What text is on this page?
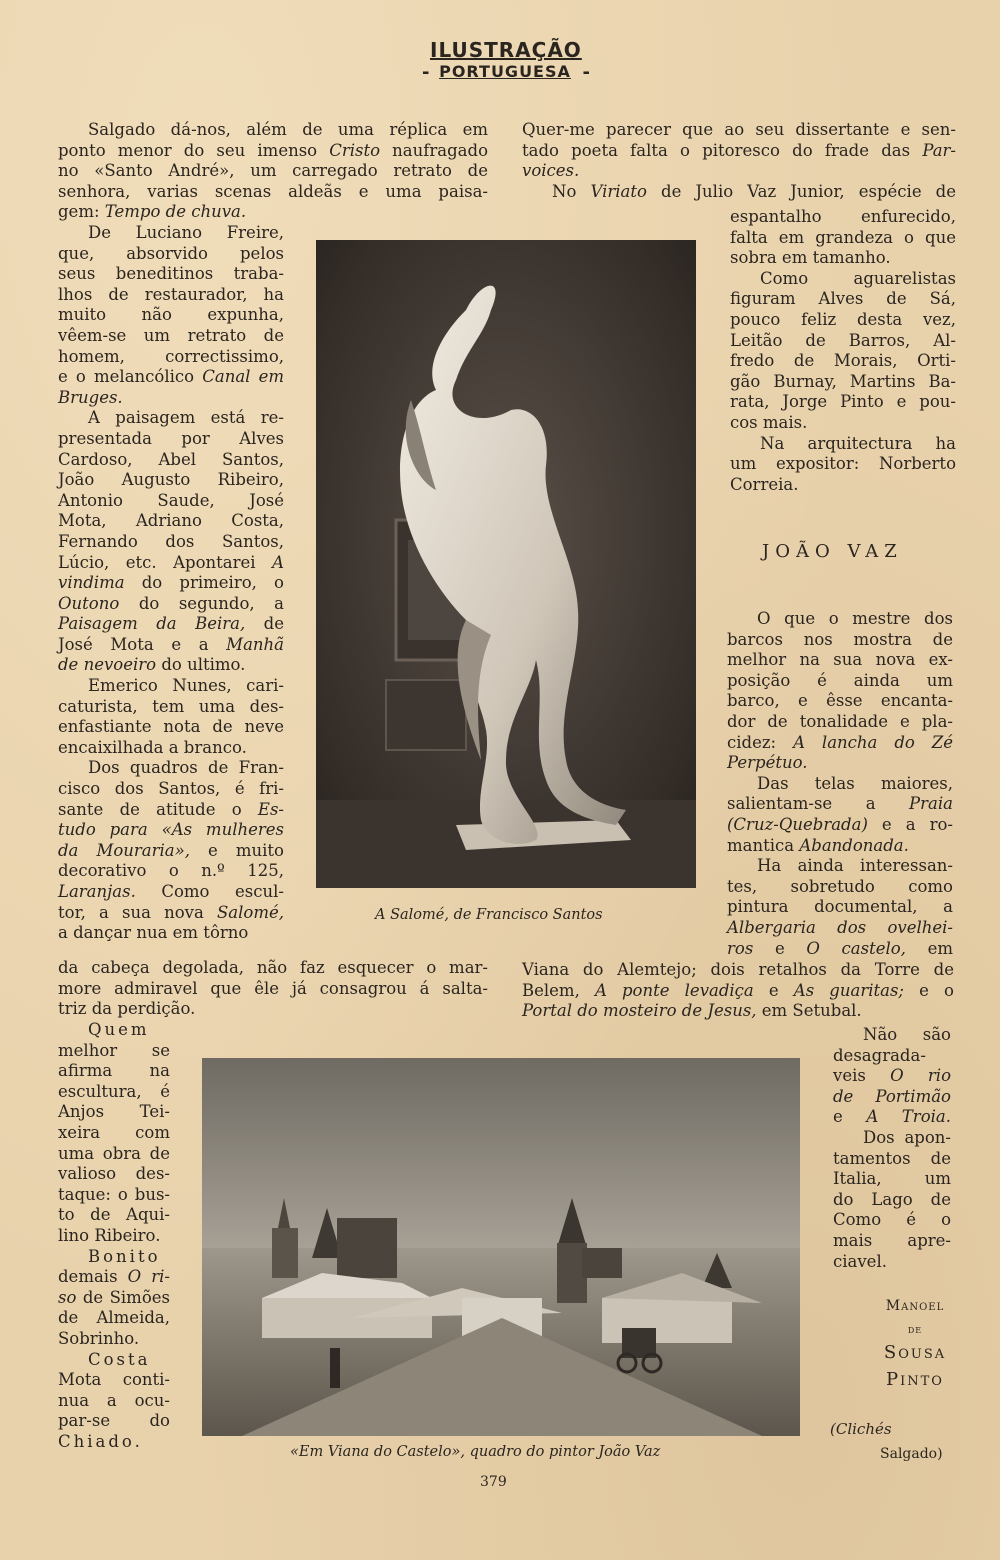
-
ILUSTRAÇÃO
PORTUGUESA -

Salgado dá-nos, além de uma réplica em

ponto menor do seu imenso Cristo naufragado

no «Santo André», um carregado retrato de

senhora, varias scenas aldeãs e uma paisa-

gem: Tempo de chuva.

De Luciano Freire,

que, absorvido pelos

seus beneditinos traba-

lhos de restaurador, ha

muito não expunha,

vêem-se um retrato de

homem, correctissimo,

e o melancólico Canal em

Bruges.

A paisagem está re-

presentada por Alves

Cardoso, Abel Santos,

João Augusto Ribeiro,

Antonio Saude, José

Mota, Adriano Costa,

Fernando dos Santos,

Lúcio, etc. Apontarei A

vindima do primeiro, o

Outono do segundo, a

Paisagem da Beira, de

José Mota e a Manhã

de nevoeiro do ultimo.

Emerico Nunes, cari-

caturista, tem uma des-

enfastiante nota de neve

encaixilhada a branco.

Dos quadros de Fran-

cisco dos Santos, é fri-

sante de atitude o Es-

tudo para «As mulheres

da Mouraria», e muito

decorativo o n.º 125,

Laranjas. Como escul-

tor, a sua nova Salomé,

a dançar nua em tôrno

A Salomé, de Francisco Santos

da cabeça degolada, não faz esquecer o mar-

more admiravel que êle já consagrou á salta-

triz da perdição.

Quem

melhor se

afirma na

escultura, é

Anjos Tei-

xeira com

uma obra de

valioso des-

taque: o bus-

to de Aqui-

lino Ribeiro.

Bonito

demais O ri-

so de Simões

de Almeida,

Sobrinho.

Costa

Mota conti-

nua a ocu-

par-se do

Chiado.

Quer-me parecer que ao seu dissertante e sen-

tado poeta falta o pitoresco do frade das Par-

voices.

No Viriato de Julio Vaz Junior, espécie de

espantalho enfurecido,

falta em grandeza o que

sobra em tamanho.

Como aguarelistas

figuram Alves de Sá,

pouco feliz desta vez,

Leitão de Barros, Al-

fredo de Morais, Orti-

gão Burnay, Martins Ba-

rata, Jorge Pinto e pou-

cos mais.

Na arquitectura ha

um expositor: Norberto

Correia.

JOÃO VAZ

O que o mestre dos

barcos nos mostra de

melhor na sua nova ex-

posição é ainda um

barco, e êsse encanta-

dor de tonalidade e pla-

cidez: A lancha do Zé

Perpétuo.

Das telas maiores,

salientam-se a Praia

(Cruz-Quebrada) e a ro-

mantica Abandonada.

Ha ainda interessan-

tes, sobretudo como

pintura documental, a

Albergaria dos ovelhei-

ros e O castelo, em

Viana do Alemtejo; dois retalhos da Torre de

Belem, A ponte levadiça e As guaritas; e o

Portal do mosteiro de Jesus, em Setubal.

Não são

desagrada-

veis O rio

de Portimão

e A Troia.

Dos apon-

tamentos de

Italia, um

do Lago de

Como é o

mais apre-

ciavel.

Manoel
de
Sousa
Pinto
(Clichés
Salgado)
«Em Viana do Castelo», quadro do pintor João Vaz
379
